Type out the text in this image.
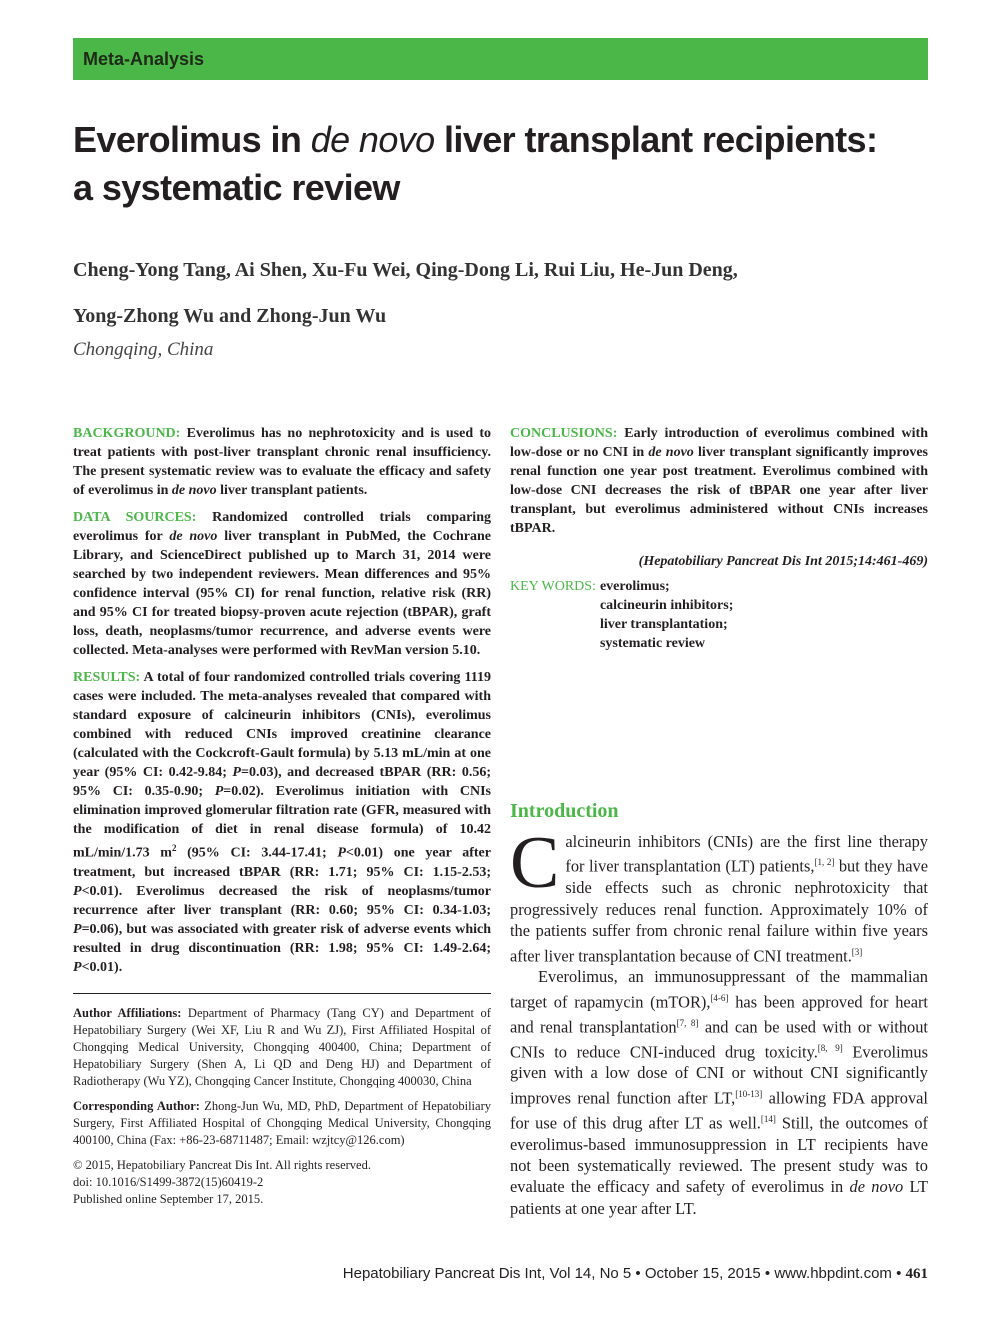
Meta-Analysis
Everolimus in de novo liver transplant recipients:
a systematic review
Cheng-Yong Tang, Ai Shen, Xu-Fu Wei, Qing-Dong Li, Rui Liu, He-Jun Deng,
Yong-Zhong Wu and Zhong-Jun Wu
Chongqing, China

BACKGROUND: Everolimus has no nephrotoxicity and is used to treat patients with post-liver transplant chronic renal insufficiency. The present systematic review was to evaluate the efficacy and safety of everolimus in de novo liver transplant patients.

DATA SOURCES: Randomized controlled trials comparing everolimus for de novo liver transplant in PubMed, the Cochrane Library, and ScienceDirect published up to March 31, 2014 were searched by two independent reviewers. Mean differences and 95% confidence interval (95% CI) for renal function, relative risk (RR) and 95% CI for treated biopsy-proven acute rejection (tBPAR), graft loss, death, neoplasms/tumor recurrence, and adverse events were collected. Meta-analyses were performed with RevMan version 5.10.

RESULTS: A total of four randomized controlled trials covering 1119 cases were included. The meta-analyses revealed that compared with standard exposure of calcineurin inhibitors (CNIs), everolimus combined with reduced CNIs improved creatinine clearance (calculated with the Cockcroft-Gault formula) by 5.13 mL/min at one year (95% CI: 0.42-9.84; P=0.03), and decreased tBPAR (RR: 0.56; 95% CI: 0.35-0.90; P=0.02). Everolimus initiation with CNIs elimination improved glomerular filtration rate (GFR, measured with the modification of diet in renal disease formula) of 10.42 mL/min/1.73 $m^2$ (95% CI: 3.44-17.41; P<0.01) one year after treatment, but increased tBPAR (RR: 1.71; 95% CI: 1.15-2.53; P<0.01). Everolimus decreased the risk of neoplasms/tumor recurrence after liver transplant (RR: 0.60; 95% CI: 0.34-1.03; P=0.06), but was associated with greater risk of adverse events which resulted in drug discontinuation (RR: 1.98; 95% CI: 1.49-2.64; P<0.01).

CONCLUSIONS: Early introduction of everolimus combined with low-dose or no CNI in de novo liver transplant significantly improves renal function one year post treatment. Everolimus combined with low-dose CNI decreases the risk of tBPAR one year after liver transplant, but everolimus administered without CNIs increases tBPAR.

(Hepatobiliary Pancreat Dis Int 2015;14:461-469)
KEY WORDS: everolimus;
calcineurin inhibitors;
liver transplantation;
systematic review
Introduction

Calcineurin inhibitors (CNIs) are the first line therapy for liver transplantation (LT) patients,[1, 2] but they have side effects such as chronic nephrotoxicity that progressively reduces renal function. Approximately 10% of the patients suffer from chronic renal failure within five years after liver transplantation because of CNI treatment.[3]

Everolimus, an immunosuppressant of the mammalian target of rapamycin (mTOR),[4-6] has been approved for heart and renal transplantation[7, 8] and can be used with or without CNIs to reduce CNI-induced drug toxicity.[8, 9] Everolimus given with a low dose of CNI or without CNI significantly improves renal function after LT,[10-13] allowing FDA approval for use of this drug after LT as well.[14] Still, the outcomes of everolimus-based immunosuppression in LT recipients have not been systematically reviewed. The present study was to evaluate the efficacy and safety of everolimus in de novo LT patients at one year after LT.

Author Affiliations: Department of Pharmacy (Tang CY) and Department of Hepatobiliary Surgery (Wei XF, Liu R and Wu ZJ), First Affiliated Hospital of Chongqing Medical University, Chongqing 400400, China; Department of Hepatobiliary Surgery (Shen A, Li QD and Deng HJ) and Department of Radiotherapy (Wu YZ), Chongqing Cancer Institute, Chongqing 400030, China

Corresponding Author: Zhong-Jun Wu, MD, PhD, Department of Hepatobiliary Surgery, First Affiliated Hospital of Chongqing Medical University, Chongqing 400100, China (Fax: +86-23-68711487; Email: wzjtcy@126.com)

© 2015, Hepatobiliary Pancreat Dis Int. All rights reserved.
doi: 10.1016/S1499-3872(15)60419-2
Published online September 17, 2015.
Hepatobiliary Pancreat Dis Int, Vol 14, No 5 • October 15, 2015 • www.hbpdint.com • 461
